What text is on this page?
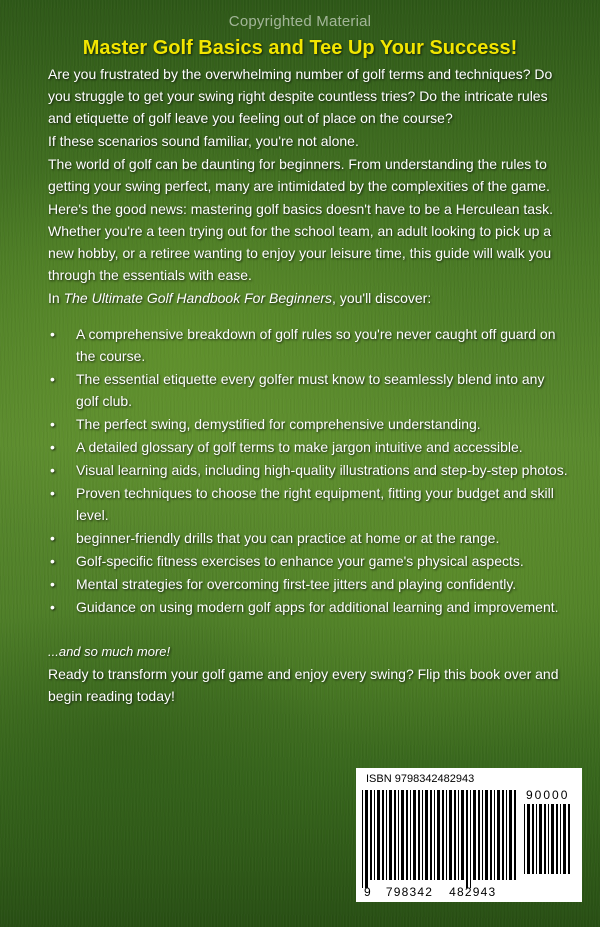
Copyrighted Material
Master Golf Basics and Tee Up Your Success!

Are you frustrated by the overwhelming number of golf terms and techniques? Do you struggle to get your swing right despite countless tries? Do the intricate rules and etiquette of golf leave you feeling out of place on the course?

If these scenarios sound familiar, you're not alone.

The world of golf can be daunting for beginners. From understanding the rules to getting your swing perfect, many are intimidated by the complexities of the game.

Here's the good news: mastering golf basics doesn't have to be a Herculean task. Whether you're a teen trying out for the school team, an adult looking to pick up a new hobby, or a retiree wanting to enjoy your leisure time, this guide will walk you through the essentials with ease.

In The Ultimate Golf Handbook For Beginners, you'll discover:

• A comprehensive breakdown of golf rules so you're never caught off guard on the course.
• The essential etiquette every golfer must know to seamlessly blend into any golf club.
• The perfect swing, demystified for comprehensive understanding.
• A detailed glossary of golf terms to make jargon intuitive and accessible.
• Visual learning aids, including high-quality illustrations and step-by-step photos.
• Proven techniques to choose the right equipment, fitting your budget and skill level.
• beginner-friendly drills that you can practice at home or at the range.
• Golf-specific fitness exercises to enhance your game's physical aspects.
• Mental strategies for overcoming first-tee jitters and playing confidently.
• Guidance on using modern golf apps for additional learning and improvement.

...and so much more!

Ready to transform your golf game and enjoy every swing? Flip this book over and begin reading today!

ISBN 9798342482943
90000
9 798342 482943
